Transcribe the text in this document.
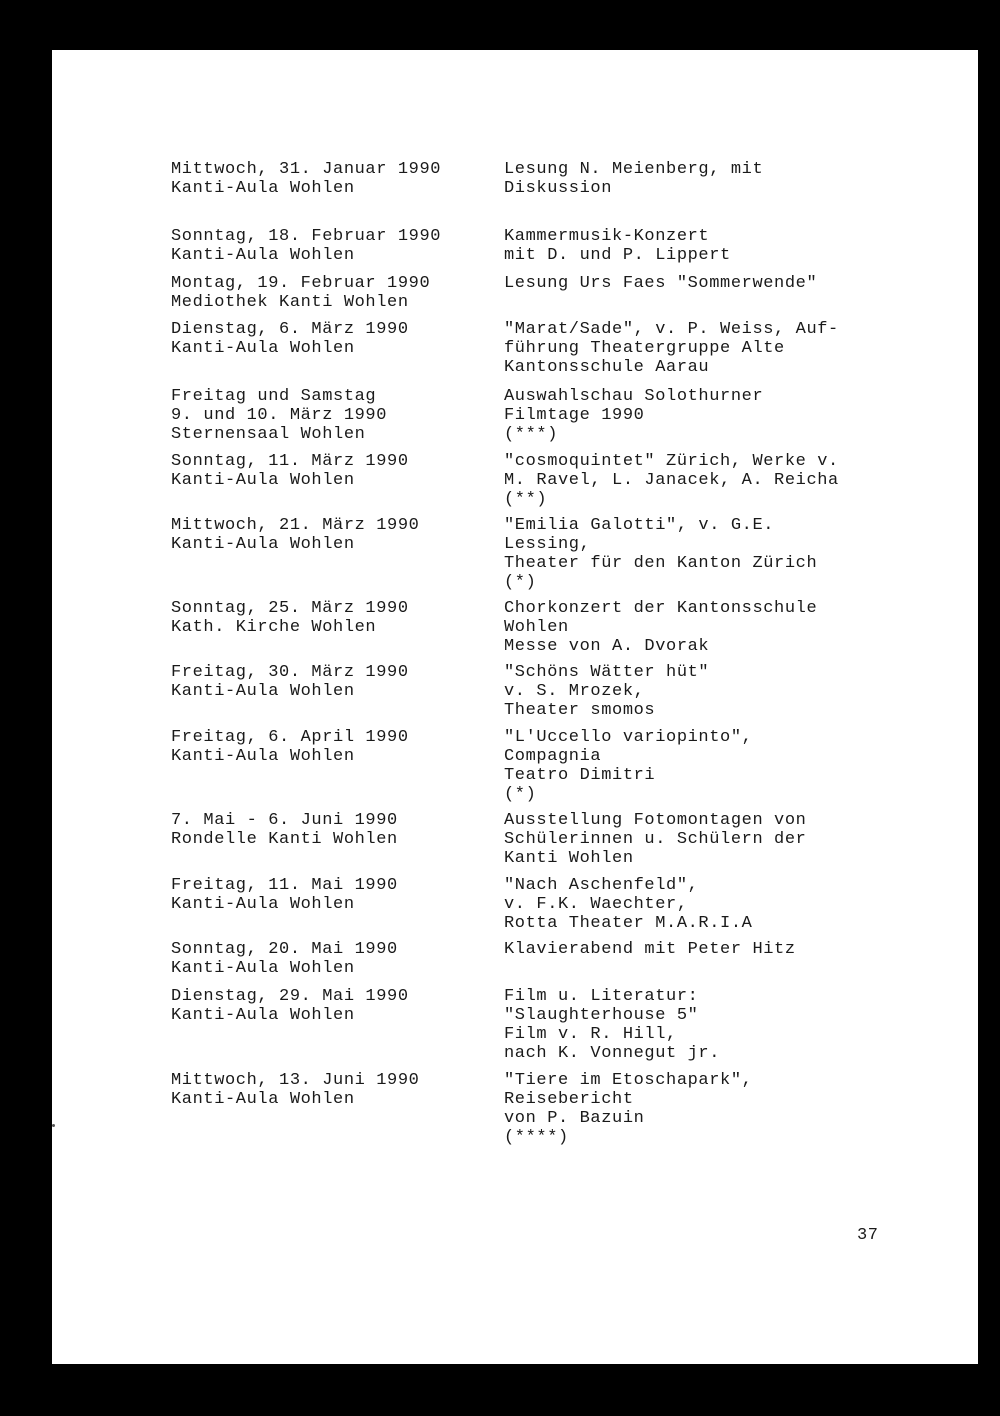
Mittwoch, 31. Januar 1990
Kanti-Aula Wohlen
Lesung N. Meienberg, mit
Diskussion
Sonntag, 18. Februar 1990
Kanti-Aula Wohlen
Kammermusik-Konzert
mit D. und P. Lippert
Montag, 19. Februar 1990
Mediothek Kanti Wohlen
Lesung Urs Faes "Sommerwende"
Dienstag, 6. März 1990
Kanti-Aula Wohlen
"Marat/Sade", v. P. Weiss, Auf-
führung Theatergruppe Alte
Kantonsschule Aarau
Freitag und Samstag
9. und 10. März 1990
Sternensaal Wohlen
Auswahlschau Solothurner
Filmtage 1990
(***)
Sonntag, 11. März 1990
Kanti-Aula Wohlen
"cosmoquintet" Zürich, Werke v.
M. Ravel, L. Janacek, A. Reicha
(**)
Mittwoch, 21. März 1990
Kanti-Aula Wohlen
"Emilia Galotti", v. G.E.
Lessing,
Theater für den Kanton Zürich
(*)
Sonntag, 25. März 1990
Kath. Kirche Wohlen
Chorkonzert der Kantonsschule
Wohlen
Messe von A. Dvorak
Freitag, 30. März 1990
Kanti-Aula Wohlen
"Schöns Wätter hüt"
v. S. Mrozek,
Theater smomos
Freitag, 6. April 1990
Kanti-Aula Wohlen
"L'Uccello variopinto",
Compagnia
Teatro Dimitri
(*)
7. Mai - 6. Juni 1990
Rondelle Kanti Wohlen
Ausstellung Fotomontagen von
Schülerinnen u. Schülern der
Kanti Wohlen
Freitag, 11. Mai 1990
Kanti-Aula Wohlen
"Nach Aschenfeld",
v. F.K. Waechter,
Rotta Theater M.A.R.I.A
Sonntag, 20. Mai 1990
Kanti-Aula Wohlen
Klavierabend mit Peter Hitz
Dienstag, 29. Mai 1990
Kanti-Aula Wohlen
Film u. Literatur:
"Slaughterhouse 5"
Film v. R. Hill,
nach K. Vonnegut jr.
Mittwoch, 13. Juni 1990
Kanti-Aula Wohlen
"Tiere im Etoschapark",
Reisebericht
von P. Bazuin
(****)
37
